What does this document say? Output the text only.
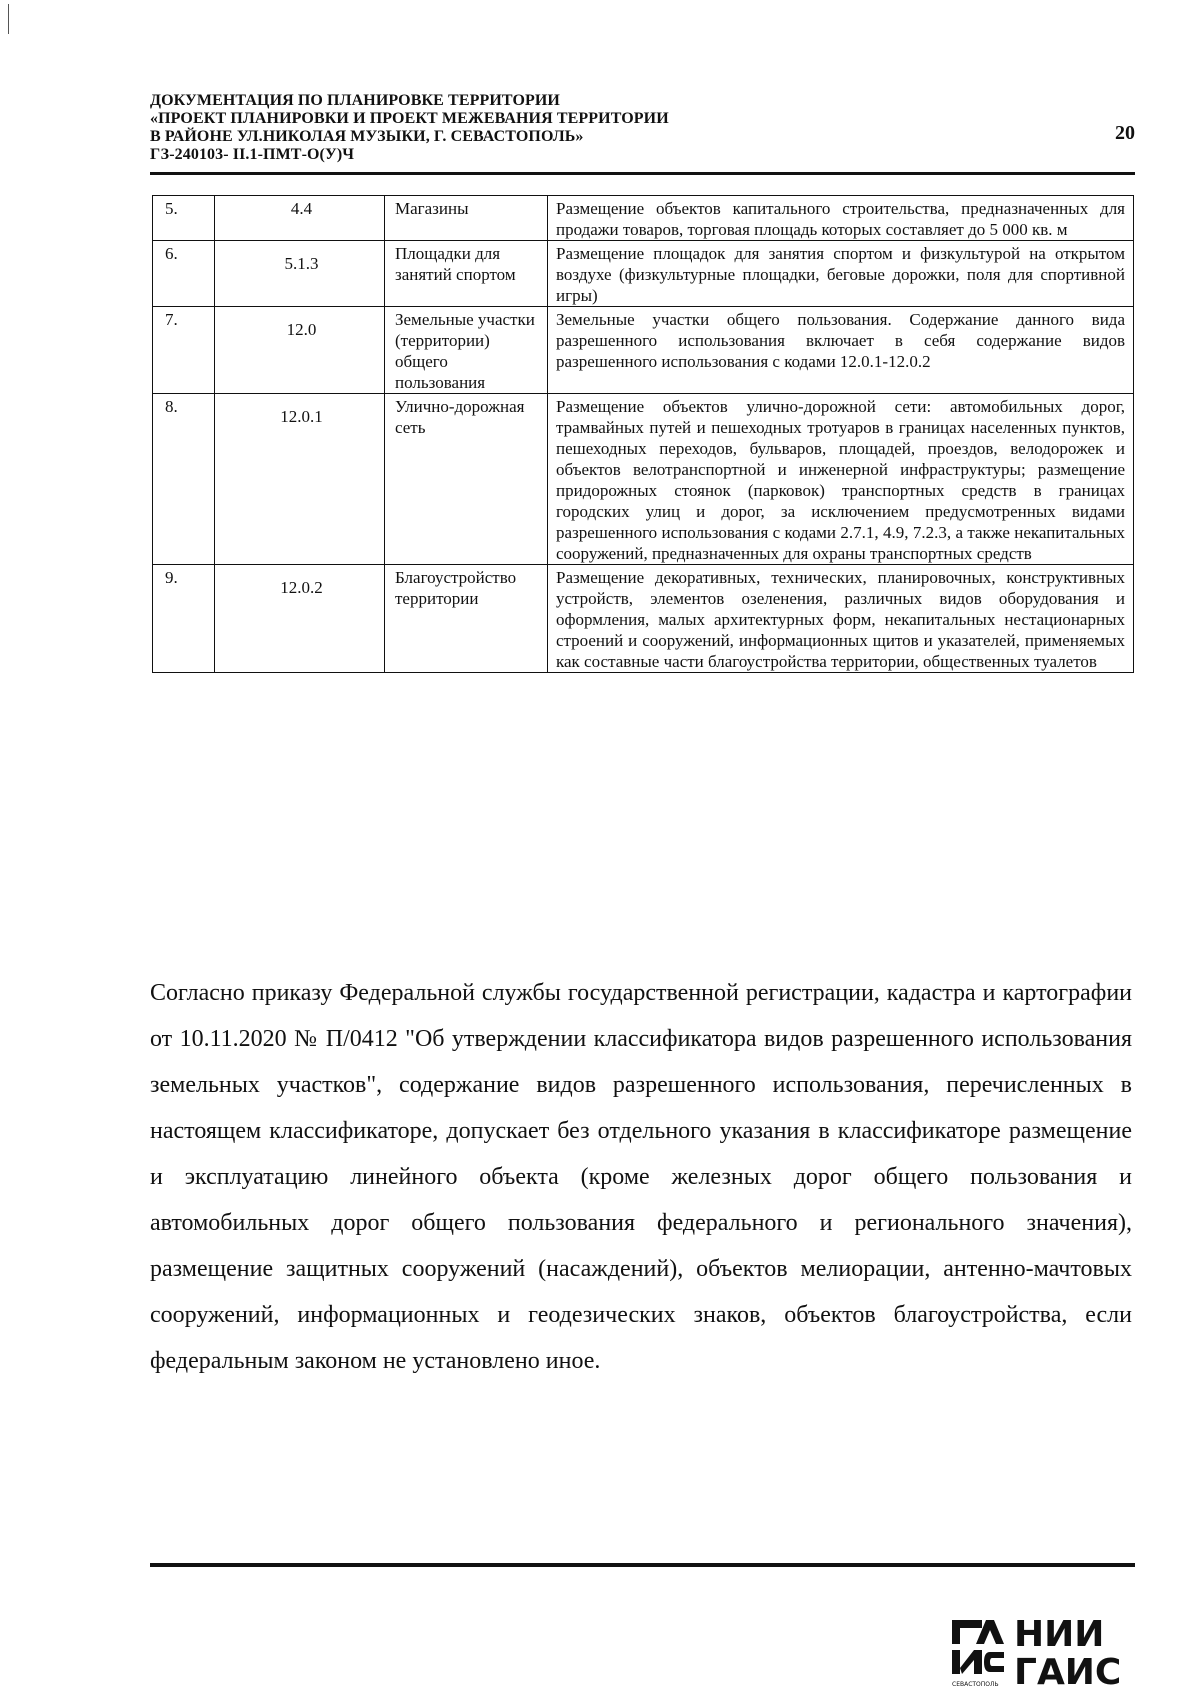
ДОКУМЕНТАЦИЯ ПО ПЛАНИРОВКЕ ТЕРРИТОРИИ
«ПРОЕКТ ПЛАНИРОВКИ И ПРОЕКТ МЕЖЕВАНИЯ ТЕРРИТОРИИ
В РАЙОНЕ УЛ.НИКОЛАЯ МУЗЫКИ, Г. СЕВАСТОПОЛЬ»
ГЗ-240103- II.1-ПМТ-О(У)Ч
20
5.	4.4	Магазины	Размещение объектов капитального строительства, предназначенных для продажи товаров, торговая площадь которых составляет до 5 000 кв. м
6.	5.1.3	Площадки для занятий спортом	Размещение площадок для занятия спортом и физкультурой на открытом воздухе (физкультурные площадки, беговые дорожки, поля для спортивной игры)
7.	12.0	Земельные участки (территории) общего пользования	Земельные участки общего пользования. Содержание данного вида разрешенного использования включает в себя содержание видов разрешенного использования с кодами 12.0.1-12.0.2
8.	12.0.1	Улично-дорожная сеть	Размещение объектов улично-дорожной сети: автомобильных дорог, трамвайных путей и пешеходных тротуаров в границах населенных пунктов, пешеходных переходов, бульваров, площадей, проездов, велодорожек и объектов велотранспортной и инженерной инфраструктуры; размещение придорожных стоянок (парковок) транспортных средств в границах городских улиц и дорог, за исключением предусмотренных видами разрешенного использования с кодами 2.7.1, 4.9, 7.2.3, а также некапитальных сооружений, предназначенных для охраны транспортных средств
9.	12.0.2	Благоустройство территории	Размещение декоративных, технических, планировочных, конструктивных устройств, элементов озеленения, различных видов оборудования и оформления, малых архитектурных форм, некапитальных нестационарных строений и сооружений, информационных щитов и указателей, применяемых как составные части благоустройства территории, общественных туалетов
Согласно приказу Федеральной службы государственной регистрации, кадастра и картографии от 10.11.2020 № П/0412 "Об утверждении классификатора видов разрешенного использования земельных участков", содержание видов разрешенного использования, перечисленных в настоящем классификаторе, допускает без отдельного указания в классификаторе размещение и эксплуатацию линейного объекта (кроме железных дорог общего пользования и автомобильных дорог общего пользования федерального и регионального значения), размещение защитных сооружений (насаждений), объектов мелиорации, антенно-мачтовых сооружений, информационных и геодезических знаков, объектов благоустройства, если федеральным законом не установлено иное.
СЕВАСТОПОЛЬ
НИИ
ГАИС
